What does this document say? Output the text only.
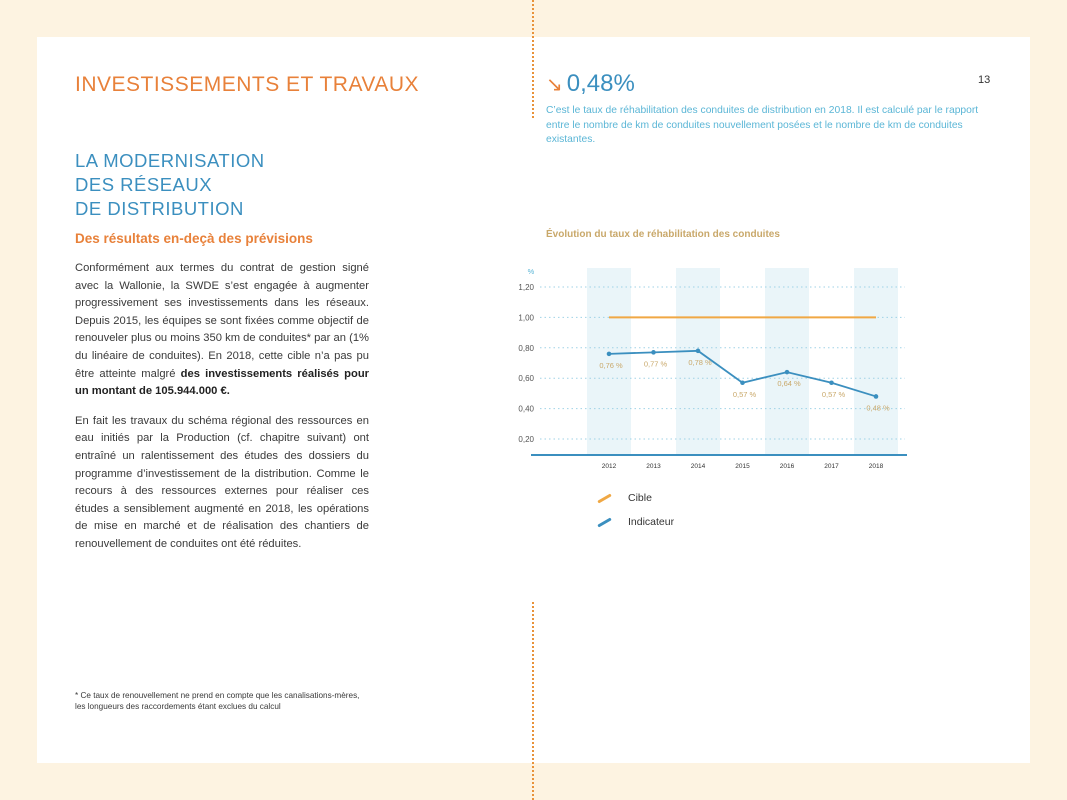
INVESTISSEMENTS ET TRAVAUX
LA MODERNISATION
DES RÉSEAUX
DE DISTRIBUTION
Des résultats en-deçà des prévisions

Conformément aux termes du contrat de gestion signé avec la Wallonie, la SWDE s’est engagée à augmenter progressivement ses investissements dans les réseaux. Depuis 2015, les équipes se sont fixées comme objectif de renouveler plus ou moins 350 km de conduites* par an (1% du linéaire de conduites). En 2018, cette cible n’a pas pu être atteinte malgré des investissements réalisés pour un montant de 105.944.000 €.

En fait les travaux du schéma régional des ressources en eau initiés par la Production (cf. chapitre suivant) ont entraîné un ralentissement des études des dossiers du programme d’investissement de la distribution. Comme le recours à des ressources externes pour réaliser ces études a sensiblement augmenté en 2018, les opérations de mise en marché et de réalisation des chantiers de renouvellement de conduites ont été réduites.

* Ce taux de renouvellement ne prend en compte que les canalisations-mères,
les longueurs des raccordements étant exclues du calcul
13
↘ 0,48%
C’est le taux de réhabilitation des conduites de distribution en 2018. Il est calculé par le rapport entre le nombre de km de conduites nouvellement posées et le nombre de km de conduites existantes.
Évolution du taux de réhabilitation des conduites
0,20
0,40
0,60
0,80
1,00
1,20
%
2012	2013	2014	2015	2016	2017	2018
0,76 %	0,77 %	0,78 %
0,57 %
0,64 %
0,57 %
0,48 %
Cible
Indicateur
